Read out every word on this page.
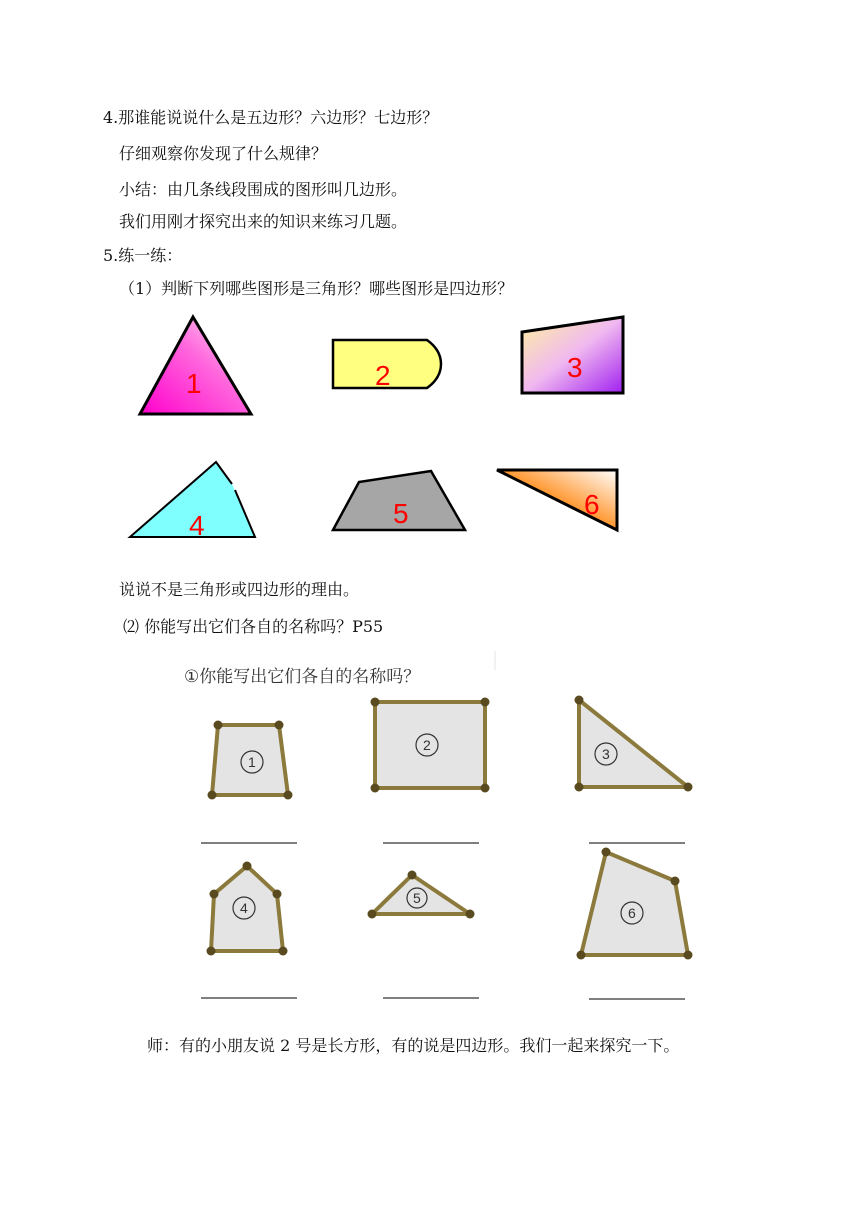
4.那谁能说说什么是五边形？六边形？七边形？
仔细观察你发现了什么规律？
小结：由几条线段围成的图形叫几边形。
我们用刚才探究出来的知识来练习几题。
5.练一练：
（1）判断下列哪些图形是三角形？哪些图形是四边形？
1	2	3
4	5	6
说说不是三角形或四边形的理由。
⑵ 你能写出它们各自的名称吗？P55
①你能写出它们各自的名称吗？
1
2
3
4
5
6
师：有的小朋友说 2 号是长方形，有的说是四边形。我们一起来探究一下。
